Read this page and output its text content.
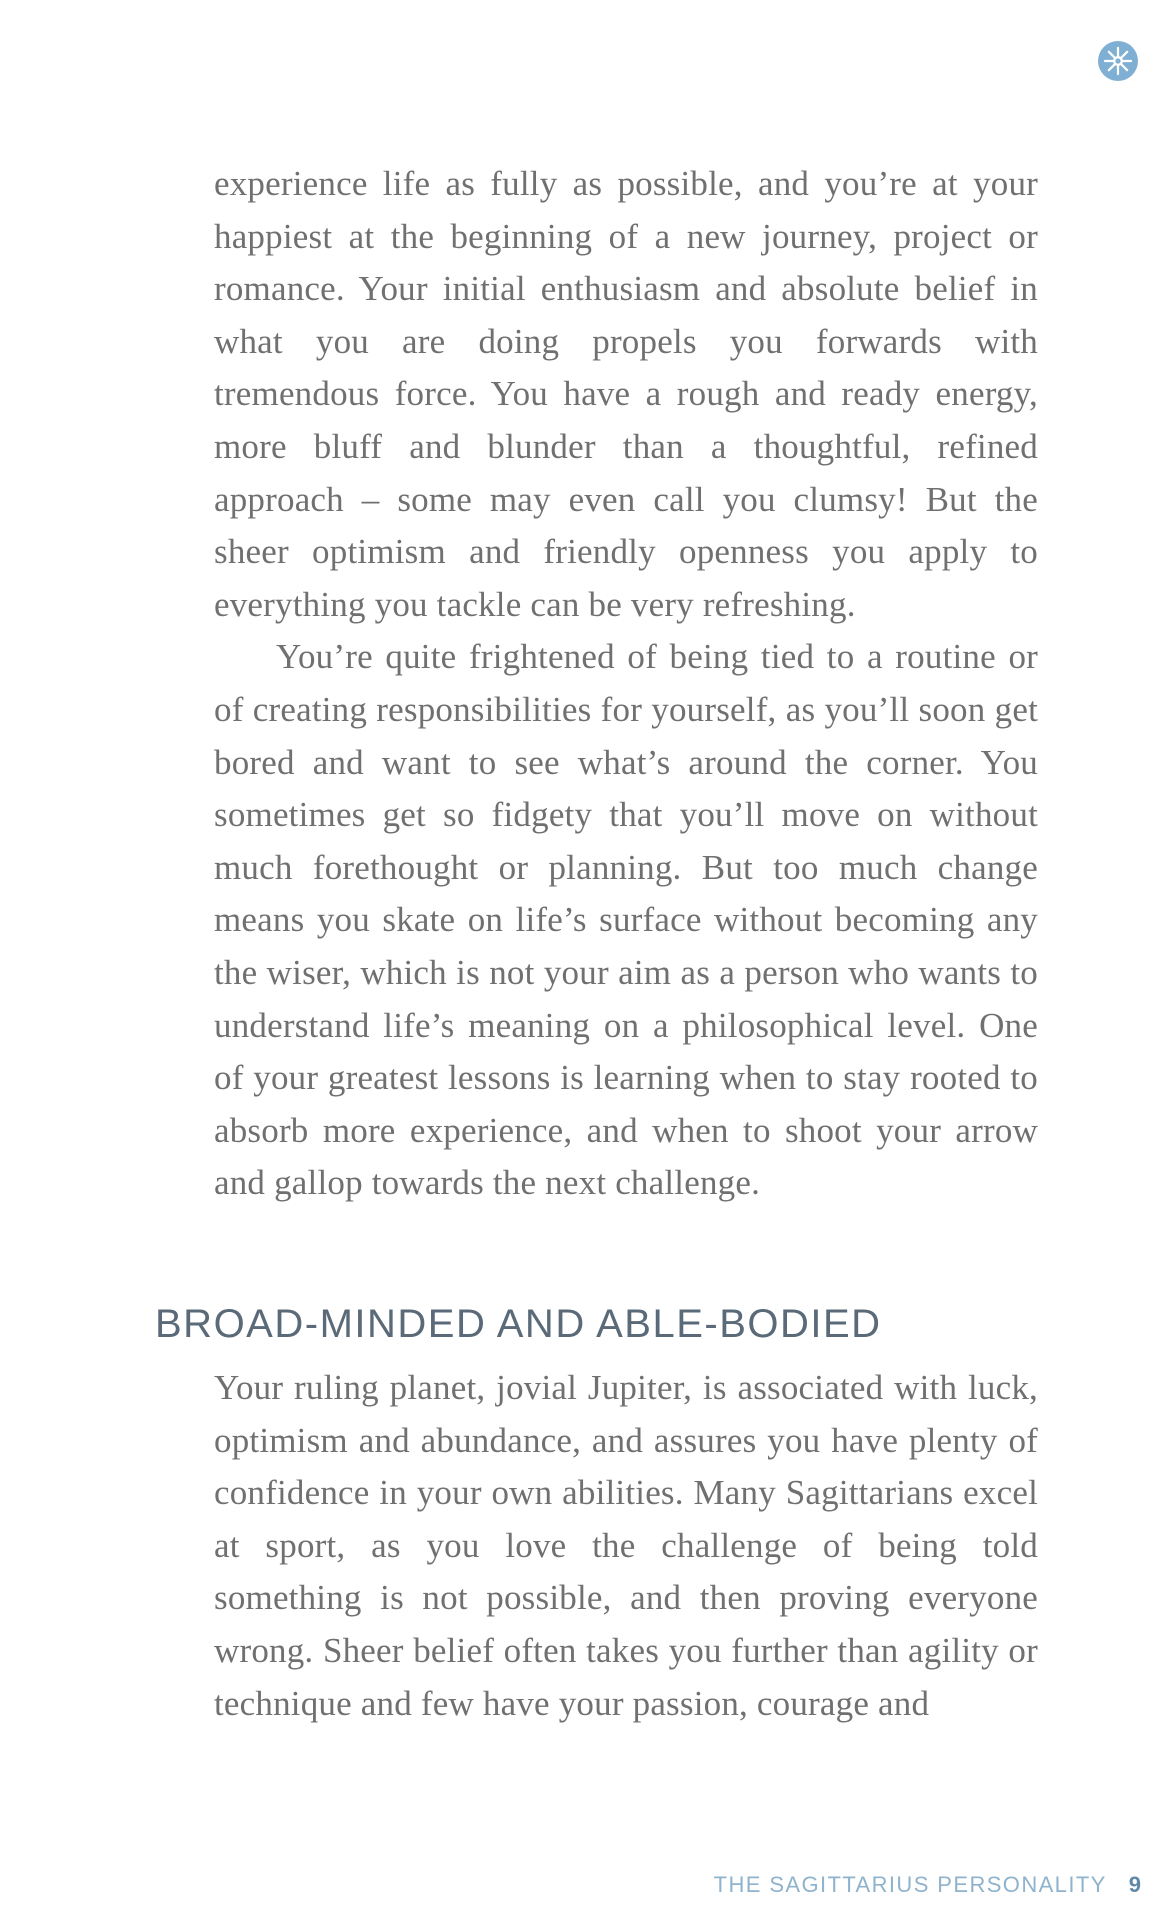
experience life as fully as possible, and you’re at your happiest at the beginning of a new journey, project or romance. Your initial enthusiasm and absolute belief in what you are doing propels you forwards with tremendous force. You have a rough and ready energy, more bluff and blunder than a thoughtful, refined approach – some may even call you clumsy! But the sheer optimism and friendly openness you apply to everything you tackle can be very refreshing.

You’re quite frightened of being tied to a routine or of creating responsibilities for yourself, as you’ll soon get bored and want to see what’s around the corner. You sometimes get so fidgety that you’ll move on without much forethought or planning. But too much change means you skate on life’s surface without becoming any the wiser, which is not your aim as a person who wants to understand life’s meaning on a philosophical level. One of your greatest lessons is learning when to stay rooted to absorb more experience, and when to shoot your arrow and gallop towards the next challenge.

BROAD-MINDED AND ABLE-BODIED

Your ruling planet, jovial Jupiter, is associated with luck, optimism and abundance, and assures you have plenty of confidence in your own abilities. Many Sagittarians excel at sport, as you love the challenge of being told something is not possible, and then proving everyone wrong. Sheer belief often takes you further than agility or technique and few have your passion, courage and

THE SAGITTARIUS PERSONALITY 9
